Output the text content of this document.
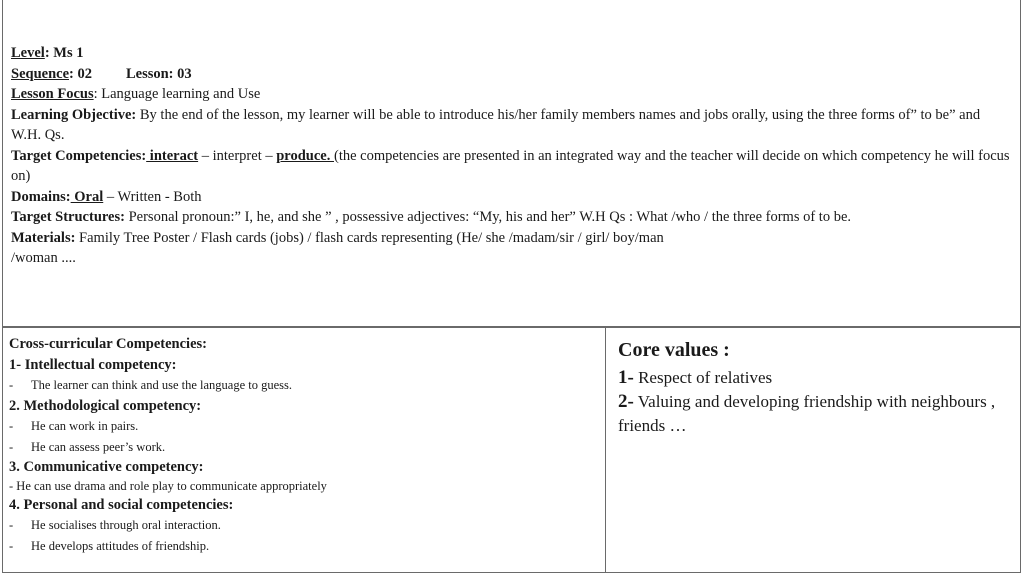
Level: Ms 1

Sequence: 02 Lesson: 03

Lesson Focus: Language learning and Use

Learning Objective: By the end of the lesson, my learner will be able to introduce his/her family members names and jobs orally, using the three forms of” to be” and W.H. Qs.

Target Competencies: interact – interpret – produce. (the competencies are presented in an integrated way and the teacher will decide on which competency he will focus on)

Domains: Oral – Written - Both

Target Structures: Personal pronoun:” I, he, and she ” , possessive adjectives: “My, his and her” W.H Qs : What /who / the three forms of to be.

Materials: Family Tree Poster / Flash cards (jobs) / flash cards representing (He/ she /madam/sir / girl/ boy/man

/woman ....

Cross-curricular Competencies:

1- Intellectual competency:

-	The learner can think and use the language to guess.

2. Methodological competency:

-	He can work in pairs.

-	He can assess peer’s work.

3. Communicative competency:

- He can use drama and role play to communicate appropriately

4. Personal and social competencies:

-	He socialises through oral interaction.

-	He develops attitudes of friendship.

Core values :

1- Respect of relatives

2- Valuing and developing friendship with neighbours , friends …
